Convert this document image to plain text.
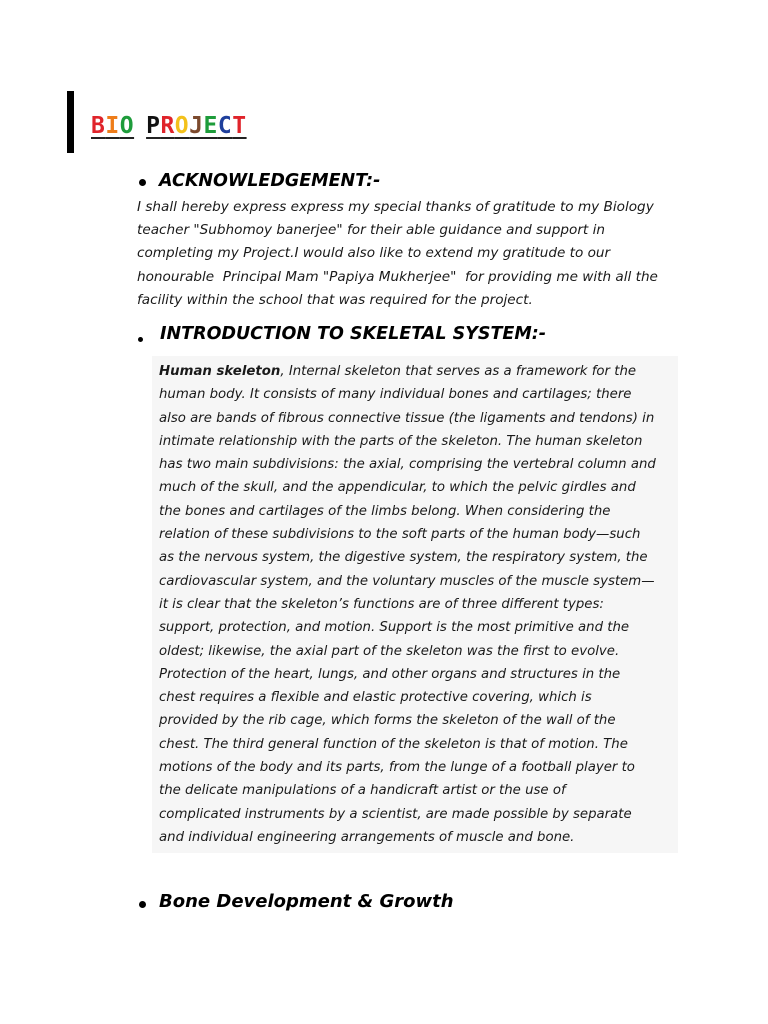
BIO PROJECT
ACKNOWLEDGEMENT:-
I shall hereby express express my special thanks of gratitude to my Biology
teacher "Subhomoy banerjee" for their able guidance and support in
completing my Project.I would also like to extend my gratitude to our
honourable  Principal Mam "Papiya Mukherjee"  for providing me with all the
facility within the school that was required for the project.
INTRODUCTION TO SKELETAL SYSTEM:-
Human skeleton, Internal skeleton that serves as a framework for the
human body. It consists of many individual bones and cartilages; there
also are bands of fibrous connective tissue (the ligaments and tendons) in
intimate relationship with the parts of the skeleton. The human skeleton
has two main subdivisions: the axial, comprising the vertebral column and
much of the skull, and the appendicular, to which the pelvic girdles and
the bones and cartilages of the limbs belong. When considering the
relation of these subdivisions to the soft parts of the human body—such
as the nervous system, the digestive system, the respiratory system, the
cardiovascular system, and the voluntary muscles of the muscle system—
it is clear that the skeleton’s functions are of three different types:
support, protection, and motion. Support is the most primitive and the
oldest; likewise, the axial part of the skeleton was the first to evolve.
Protection of the heart, lungs, and other organs and structures in the
chest requires a flexible and elastic protective covering, which is
provided by the rib cage, which forms the skeleton of the wall of the
chest. The third general function of the skeleton is that of motion. The
motions of the body and its parts, from the lunge of a football player to
the delicate manipulations of a handicraft artist or the use of
complicated instruments by a scientist, are made possible by separate
and individual engineering arrangements of muscle and bone.
Bone Development & Growth
